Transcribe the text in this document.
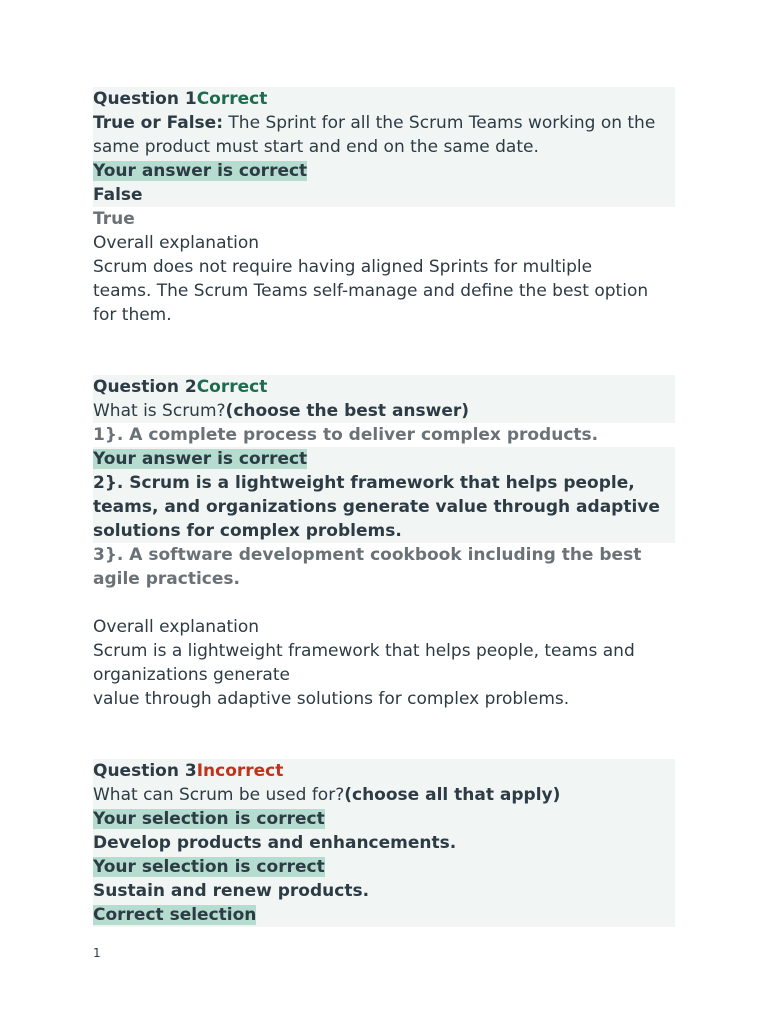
Question 1Correct
True or False: The Sprint for all the Scrum Teams working on the same product must start and end on the same date.
Your answer is correct
False
True
Overall explanation
Scrum does not require having aligned Sprints for multiple
teams. The Scrum Teams self-manage and define the best option for them.
Question 2Correct
What is Scrum?(choose the best answer)
1}. A complete process to deliver complex products.
Your answer is correct
2}. Scrum is a lightweight framework that helps people, teams, and organizations generate value through adaptive solutions for complex problems.
3}. A software development cookbook including the best agile practices.
Overall explanation
Scrum is a lightweight framework that helps people, teams and organizations generate
value through adaptive solutions for complex problems.
Question 3Incorrect
What can Scrum be used for?(choose all that apply)
Your selection is correct
Develop products and enhancements.
Your selection is correct
Sustain and renew products.
Correct selection
1
